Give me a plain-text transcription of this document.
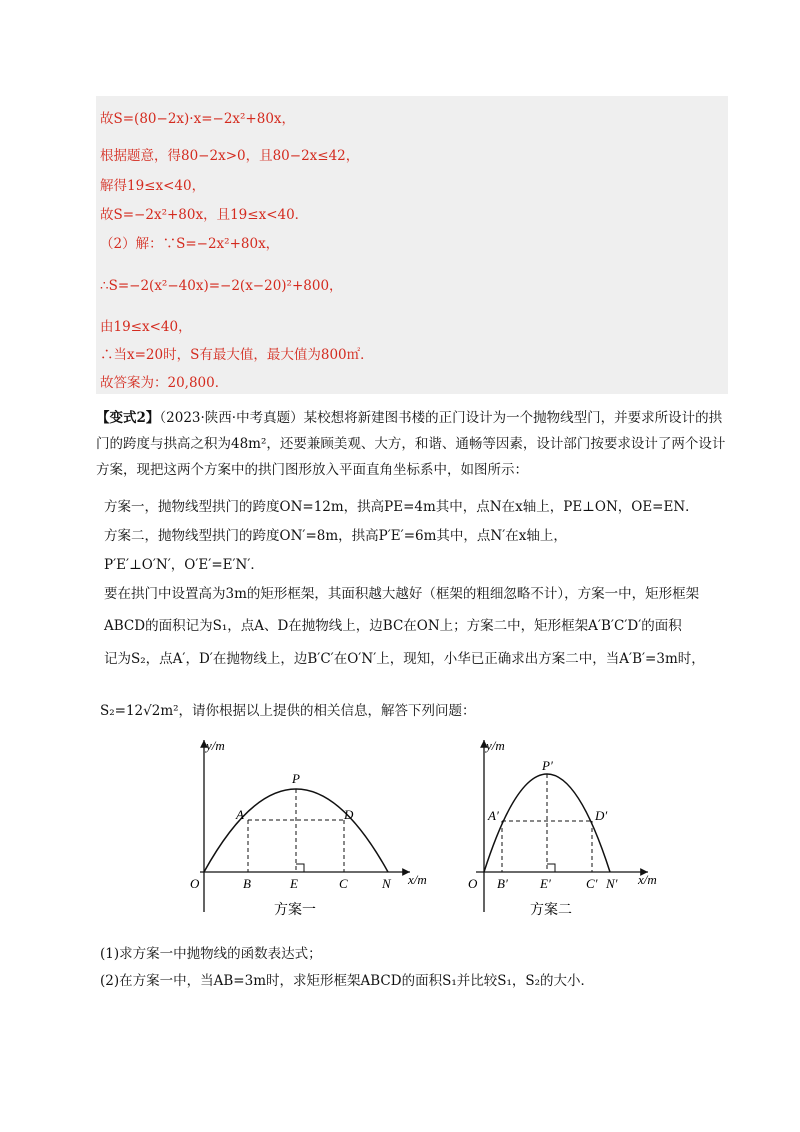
故S=(80−2x)·x=−2x²+80x，
根据题意，得80−2x>0，且80−2x≤42，
解得19≤x<40，
故S=−2x²+80x，且19≤x<40．
（2）解：∵S=−2x²+80x，
∴S=−2(x²−40x)=−2(x−20)²+800，
由19≤x<40，
∴当x=20时，S有最大值，最大值为800㎡．
故答案为：20,800．
【变式2】（2023·陕西·中考真题）某校想将新建图书楼的正门设计为一个抛物线型门，并要求所设计的拱门的跨度与拱高之积为48m²，还要兼顾美观、大方，和谐、通畅等因素，设计部门按要求设计了两个设计方案，现把这两个方案中的拱门图形放入平面直角坐标系中，如图所示：
方案一，抛物线型拱门的跨度ON=12m，拱高PE=4m其中，点N在x轴上，PE⊥ON，OE=EN．
方案二，抛物线型拱门的跨度ON′=8m，拱高P′E′=6m其中，点N′在x轴上，
P′E′⊥O′N′，O′E′=E′N′．
要在拱门中设置高为3m的矩形框架，其面积越大越好（框架的粗细忽略不计），方案一中，矩形框架
ABCD的面积记为S₁，点A、D在抛物线上，边BC在ON上；方案二中，矩形框架A′B′C′D′的面积
记为S₂，点A′，D′在抛物线上，边B′C′在O′N′上，现知，小华已正确求出方案二中，当A′B′=3m时，
S₂=12√2m²，请你根据以上提供的相关信息，解答下列问题：
y/m
x/m
O	B	E	C	N
A
P
D
方案一
y/m
x/m
O B′ E′	C′ N′
A′
P′
D′
方案二
(1)求方案一中抛物线的函数表达式；
(2)在方案一中，当AB=3m时，求矩形框架ABCD的面积S₁并比较S₁，S₂的大小．
